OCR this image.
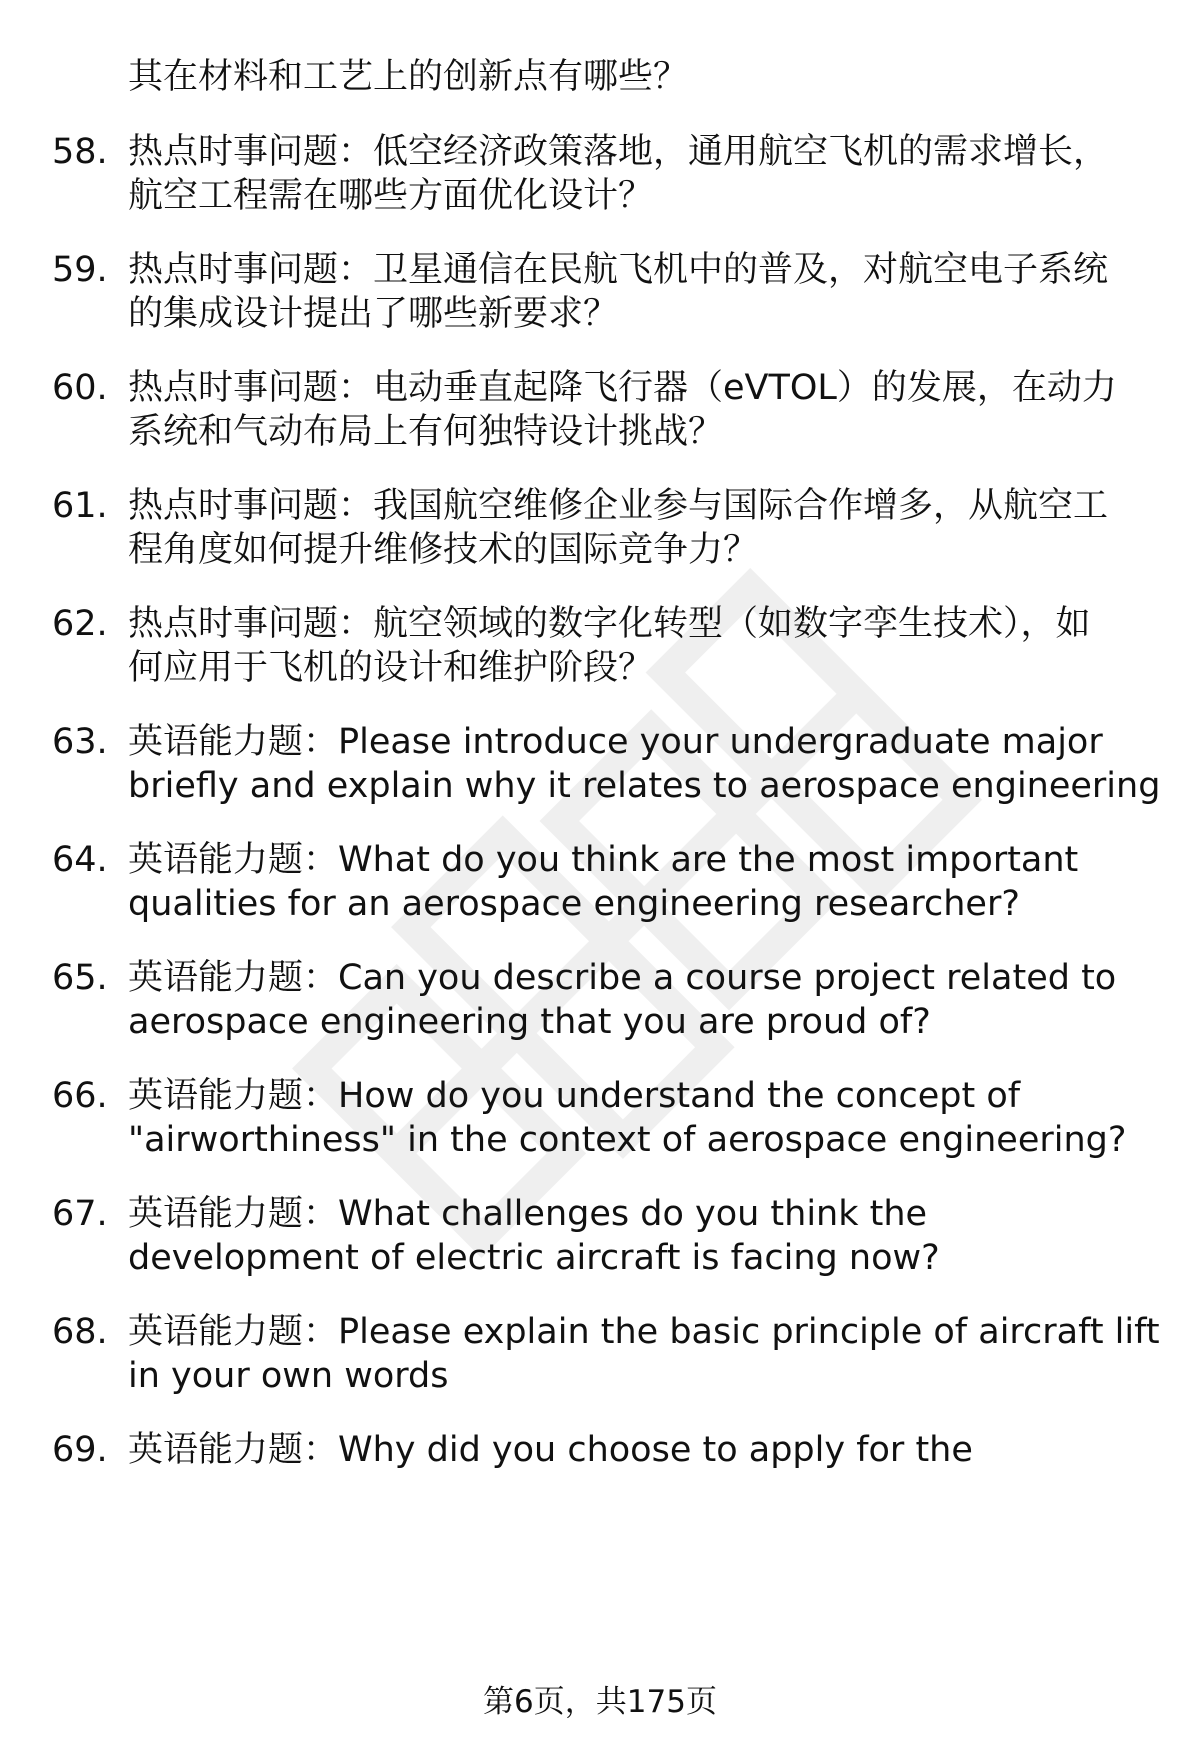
其在材料和工艺上的创新点有哪些？
58. 热点时事问题：低空经济政策落地，通用航空飞机的需求增长，
航空工程需在哪些方面优化设计？
59. 热点时事问题：卫星通信在民航飞机中的普及，对航空电子系统
的集成设计提出了哪些新要求？
60. 热点时事问题：电动垂直起降飞行器（eVTOL）的发展，在动力
系统和气动布局上有何独特设计挑战？
61. 热点时事问题：我国航空维修企业参与国际合作增多，从航空工
程角度如何提升维修技术的国际竞争力？
62. 热点时事问题：航空领域的数字化转型（如数字孪生技术），如
何应用于飞机的设计和维护阶段？
63. 英语能力题：Please introduce your undergraduate major
briefly and explain why it relates to aerospace engineering
64. 英语能力题：What do you think are the most important
qualities for an aerospace engineering researcher?
65. 英语能力题：Can you describe a course project related to
aerospace engineering that you are proud of?
66. 英语能力题：How do you understand the concept of
"airworthiness" in the context of aerospace engineering?
67. 英语能力题：What challenges do you think the
development of electric aircraft is facing now?
68. 英语能力题：Please explain the basic principle of aircraft lift
in your own words
69. 英语能力题：Why did you choose to apply for the
第6页，共175页
